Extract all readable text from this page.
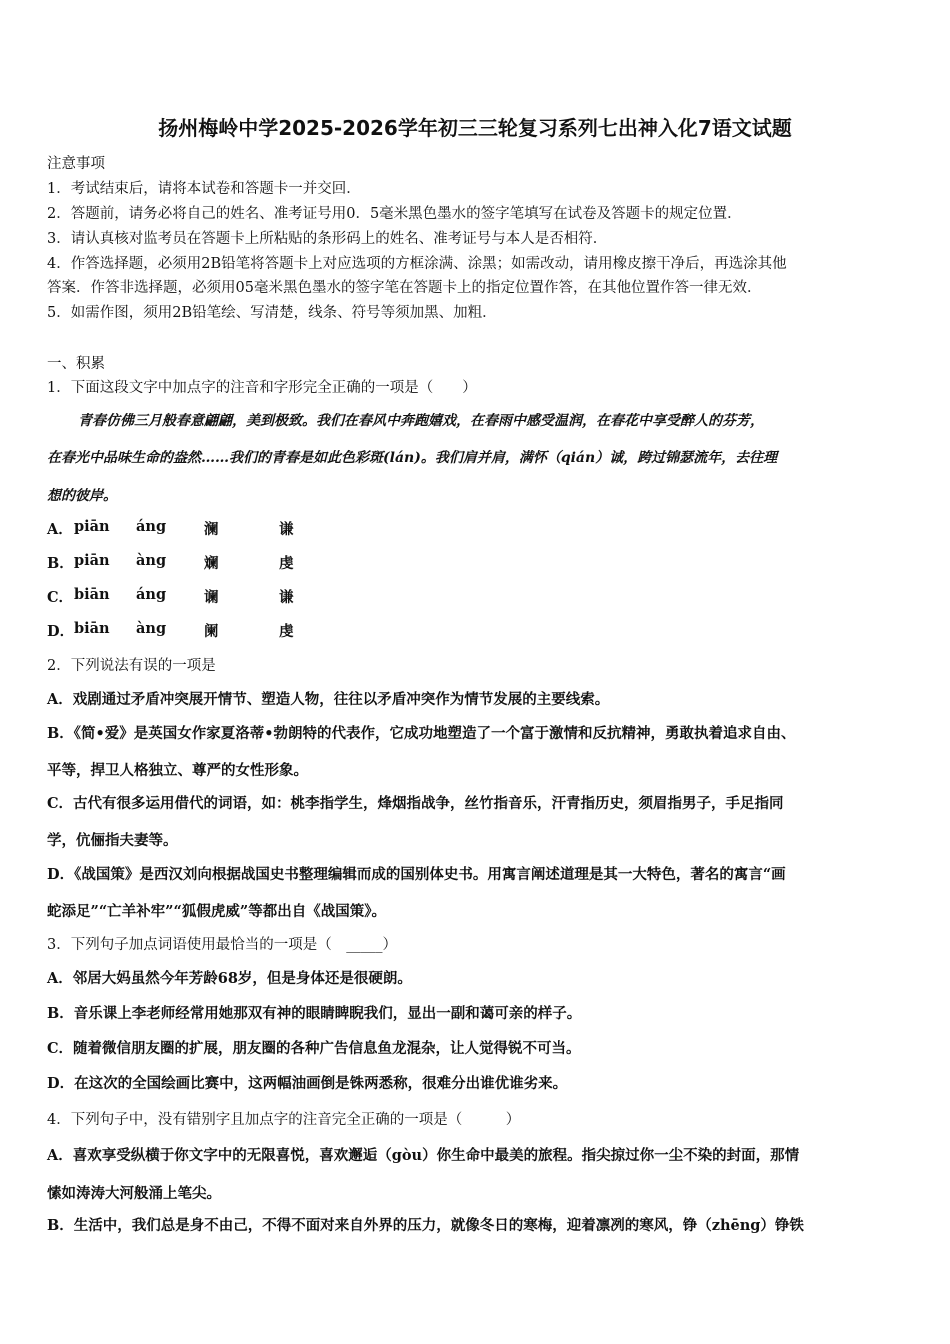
扬州梅岭中学2025-2026学年初三三轮复习系列七出神入化7语文试题
注意事项
1．考试结束后，请将本试卷和答题卡一并交回．
2．答题前，请务必将自己的姓名、准考证号用0．5毫米黑色墨水的签字笔填写在试卷及答题卡的规定位置．
3．请认真核对监考员在答题卡上所粘贴的条形码上的姓名、准考证号与本人是否相符．
4．作答选择题，必须用2B铅笔将答题卡上对应选项的方框涂满、涂黑；如需改动，请用橡皮擦干净后，再选涂其他
答案．作答非选择题，必须用05毫米黑色墨水的签字笔在答题卡上的指定位置作答，在其他位置作答一律无效．
5．如需作图，须用2B铅笔绘、写清楚，线条、符号等须加黑、加粗．
一、积累
1．下面这段文字中加点字的注音和字形完全正确的一项是（　　）
青春仿佛三月般春意翩翩，美到极致。我们在春风中奔跑嬉戏，在春雨中感受温润，在春花中享受醉人的芬芳，
在春光中品味生命的盎然……我们的青春是如此色彩斑(lán)。我们肩并肩，满怀（qián）诚，跨过锦瑟流年，去往理
想的彼岸。
A． piān áng	澜	谦
B． piān àng	斓	虔
C． biān áng	谰	谦
D． biān àng	阑	虔
2．下列说法有误的一项是
A．戏剧通过矛盾冲突展开情节、塑造人物，往往以矛盾冲突作为情节发展的主要线索。
B．《简•爱》是英国女作家夏洛蒂•勃朗特的代表作，它成功地塑造了一个富于激情和反抗精神，勇敢执着追求自由、
平等，捍卫人格独立、尊严的女性形象。
C．古代有很多运用借代的词语，如：桃李指学生，烽烟指战争，丝竹指音乐，汗青指历史，须眉指男子，手足指同
学，伉俪指夫妻等。
D．《战国策》是西汉刘向根据战国史书整理编辑而成的国别体史书。用寓言阐述道理是其一大特色，著名的寓言“画
蛇添足”“亡羊补牢”“狐假虎威”等都出自《战国策》。
3．下列句子加点词语使用最恰当的一项是（　_____）
A．邻居大妈虽然今年芳龄68岁，但是身体还是很硬朗。
B．音乐课上李老师经常用她那双有神的眼睛睥睨我们，显出一副和蔼可亲的样子。
C．随着微信朋友圈的扩展，朋友圈的各种广告信息鱼龙混杂，让人觉得锐不可当。
D．在这次的全国绘画比赛中，这两幅油画倒是铢两悉称，很难分出谁优谁劣来。
4．下列句子中，没有错别字且加点字的注音完全正确的一项是（　　　）
A．喜欢享受纵横于你文字中的无限喜悦，喜欢邂逅（gòu）你生命中最美的旅程。指尖掠过你一尘不染的封面，那情
愫如涛涛大河般涌上笔尖。
B．生活中，我们总是身不由己，不得不面对来自外界的压力，就像冬日的寒梅，迎着凛冽的寒风，铮（zhēng）铮铁
